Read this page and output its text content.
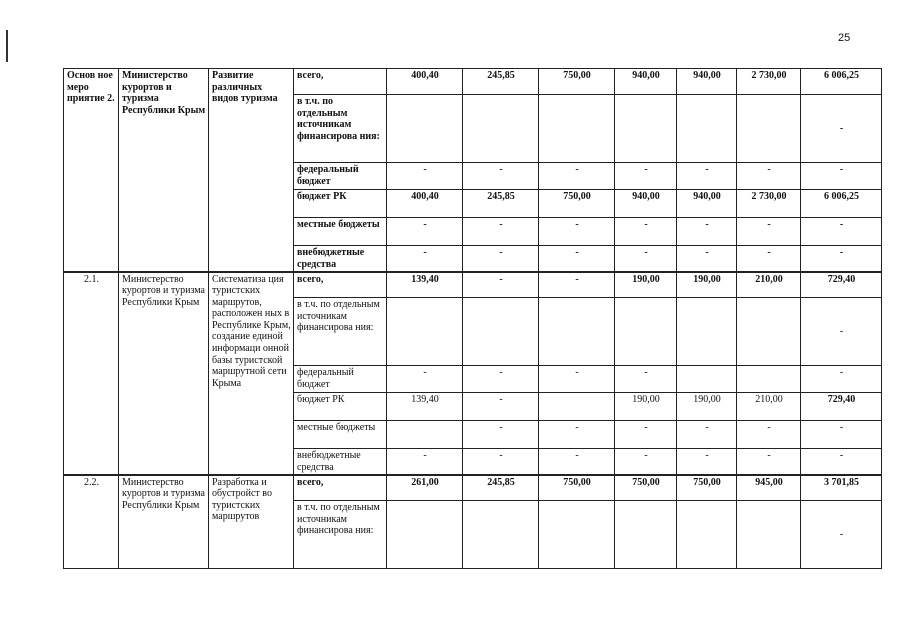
25
Основ ное меро приятие 2.	Министерство курортов и туризма Республики Крым	Развитие различных видов туризма	всего,	400,40	245,85	750,00	940,00	940,00	2 730,00	6 006,25
			в т.ч. по отдельным источникам финансирова ния:							-
			федеральный бюджет	-	-	-	-	-	-	-
			бюджет РК	400,40	245,85	750,00	940,00	940,00	2 730,00	6 006,25
			местные бюджеты	-	-	-	-	-	-	-
			внебюджетные средства	-	-	-	-	-	-	-
2.1.	Министерство курортов и туризма Республики Крым	Систематиза ция туристских маршрутов, расположен ных в Республике Крым, создание единой информаци онной базы туристской маршрутной сети Крыма	всего,	139,40	-	-	190,00	190,00	210,00	729,40
			в т.ч. по отдельным источникам финансирова ния:							-
			федеральный бюджет	-	-	-	-			-
			бюджет РК	139,40	-		190,00	190,00	210,00	729,40
			местные бюджеты		-	-	-	-	-	-
			внебюджетные средства	-	-	-	-	-	-	-
2.2.	Министерство курортов и туризма Республики Крым	Разработка и обустройст во туристских маршрутов	всего,	261,00	245,85	750,00	750,00	750,00	945,00	3 701,85
			в т.ч. по отдельным источникам финансирова ния:							-
